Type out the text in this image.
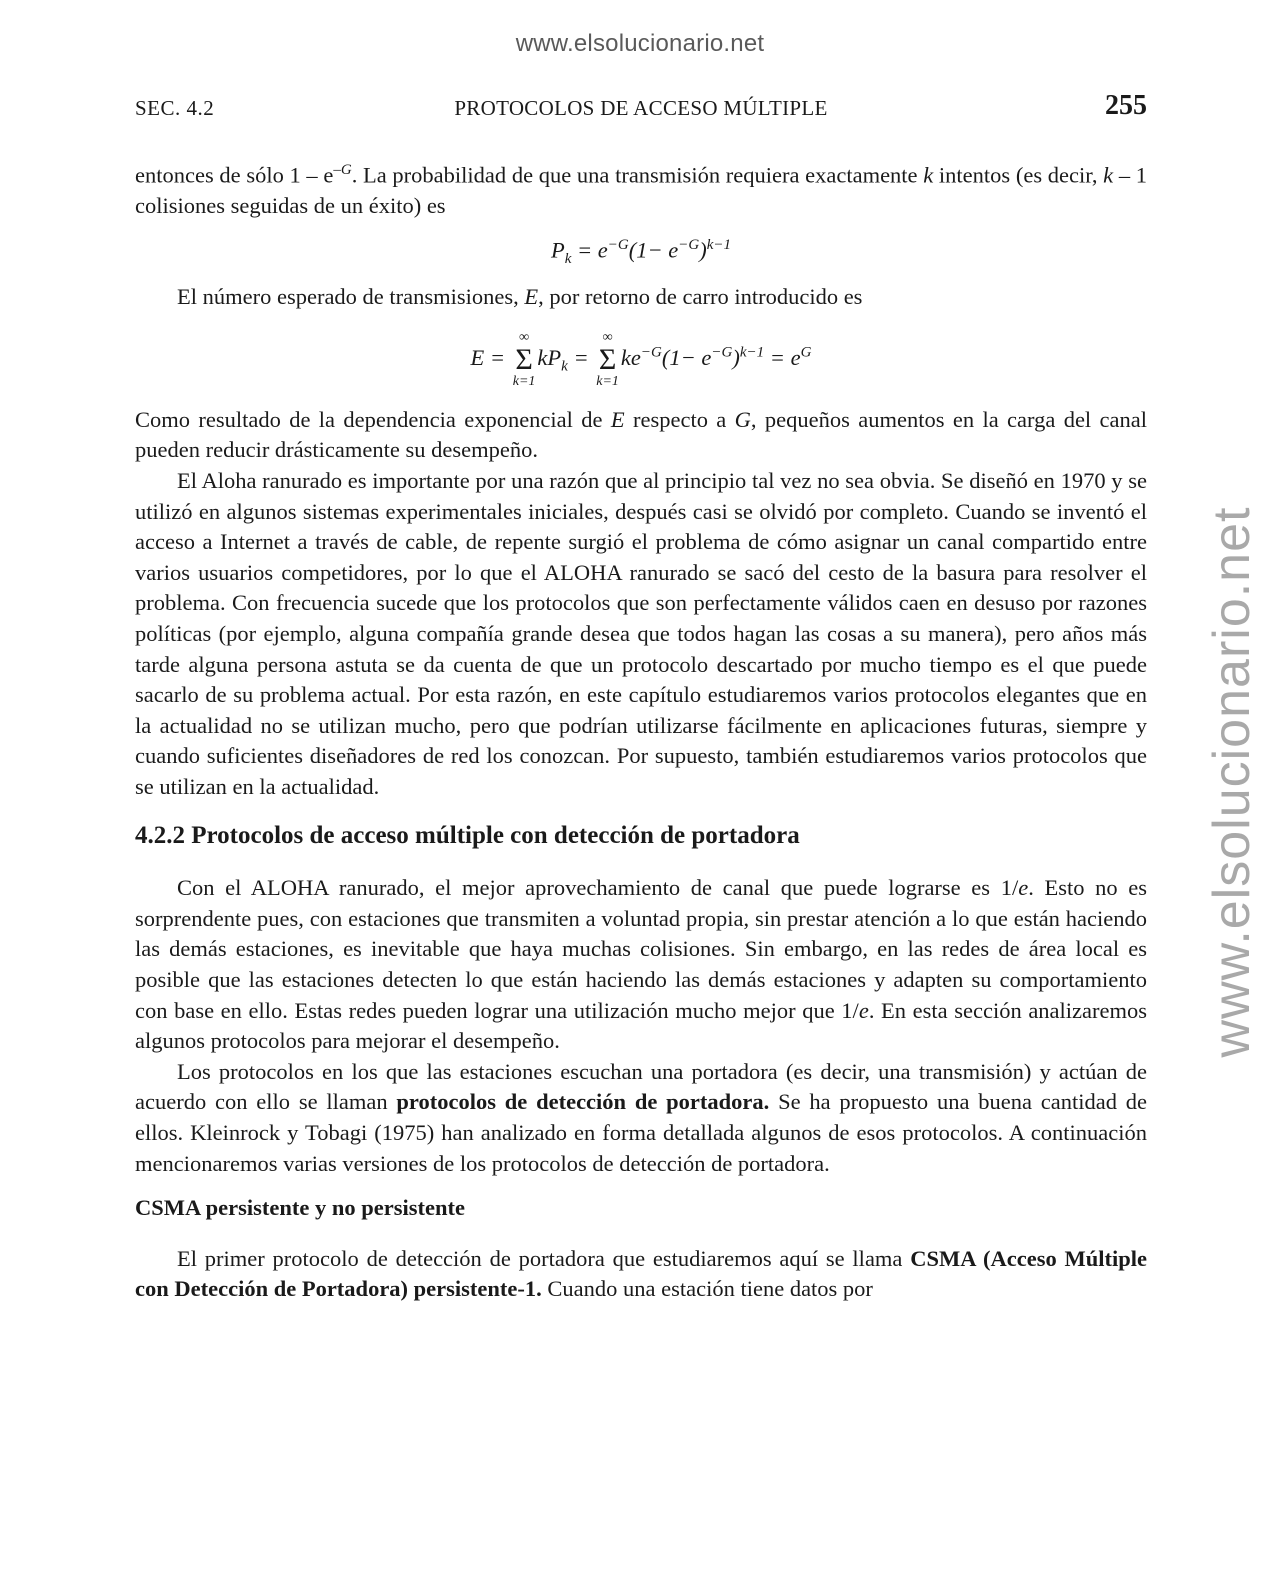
www.elsolucionario.net
www.elsolucionario.net
SEC. 4.2	PROTOCOLOS DE ACCESO MÚLTIPLE	255

entonces de sólo $1 - e^{-G}$. La probabilidad de que una transmisión requiera exactamente k intentos (es decir, k – 1 colisiones seguidas de un éxito) es

$P_k = e^{-G}(1- e^{-G})^{k-1}$

El número esperado de transmisiones, E, por retorno de carro introducido es

E =
∞
Σ
k=1
$kP_k$ =
∞
Σ
k=1
$ke^{-G}(1- e^{-G})^{k-1} = e^G$

Como resultado de la dependencia exponencial de E respecto a G, pequeños aumentos en la carga del canal pueden reducir drásticamente su desempeño.

El Aloha ranurado es importante por una razón que al principio tal vez no sea obvia. Se diseñó en 1970 y se utilizó en algunos sistemas experimentales iniciales, después casi se olvidó por completo. Cuando se inventó el acceso a Internet a través de cable, de repente surgió el problema de cómo asignar un canal compartido entre varios usuarios competidores, por lo que el ALOHA ranurado se sacó del cesto de la basura para resolver el problema. Con frecuencia sucede que los protocolos que son perfectamente válidos caen en desuso por razones políticas (por ejemplo, alguna compañía grande desea que todos hagan las cosas a su manera), pero años más tarde alguna persona astuta se da cuenta de que un protocolo descartado por mucho tiempo es el que puede sacarlo de su problema actual. Por esta razón, en este capítulo estudiaremos varios protocolos elegantes que en la actualidad no se utilizan mucho, pero que podrían utilizarse fácilmente en aplicaciones futuras, siempre y cuando suficientes diseñadores de red los conozcan. Por supuesto, también estudiaremos varios protocolos que se utilizan en la actualidad.

4.2.2 Protocolos de acceso múltiple con detección de portadora

Con el ALOHA ranurado, el mejor aprovechamiento de canal que puede lograrse es 1/e. Esto no es sorprendente pues, con estaciones que transmiten a voluntad propia, sin prestar atención a lo que están haciendo las demás estaciones, es inevitable que haya muchas colisiones. Sin embargo, en las redes de área local es posible que las estaciones detecten lo que están haciendo las demás estaciones y adapten su comportamiento con base en ello. Estas redes pueden lograr una utilización mucho mejor que 1/e. En esta sección analizaremos algunos protocolos para mejorar el desempeño.

Los protocolos en los que las estaciones escuchan una portadora (es decir, una transmisión) y actúan de acuerdo con ello se llaman protocolos de detección de portadora. Se ha propuesto una buena cantidad de ellos. Kleinrock y Tobagi (1975) han analizado en forma detallada algunos de esos protocolos. A continuación mencionaremos varias versiones de los protocolos de detección de portadora.

CSMA persistente y no persistente

El primer protocolo de detección de portadora que estudiaremos aquí se llama CSMA (Acceso Múltiple con Detección de Portadora) persistente-1. Cuando una estación tiene datos por
